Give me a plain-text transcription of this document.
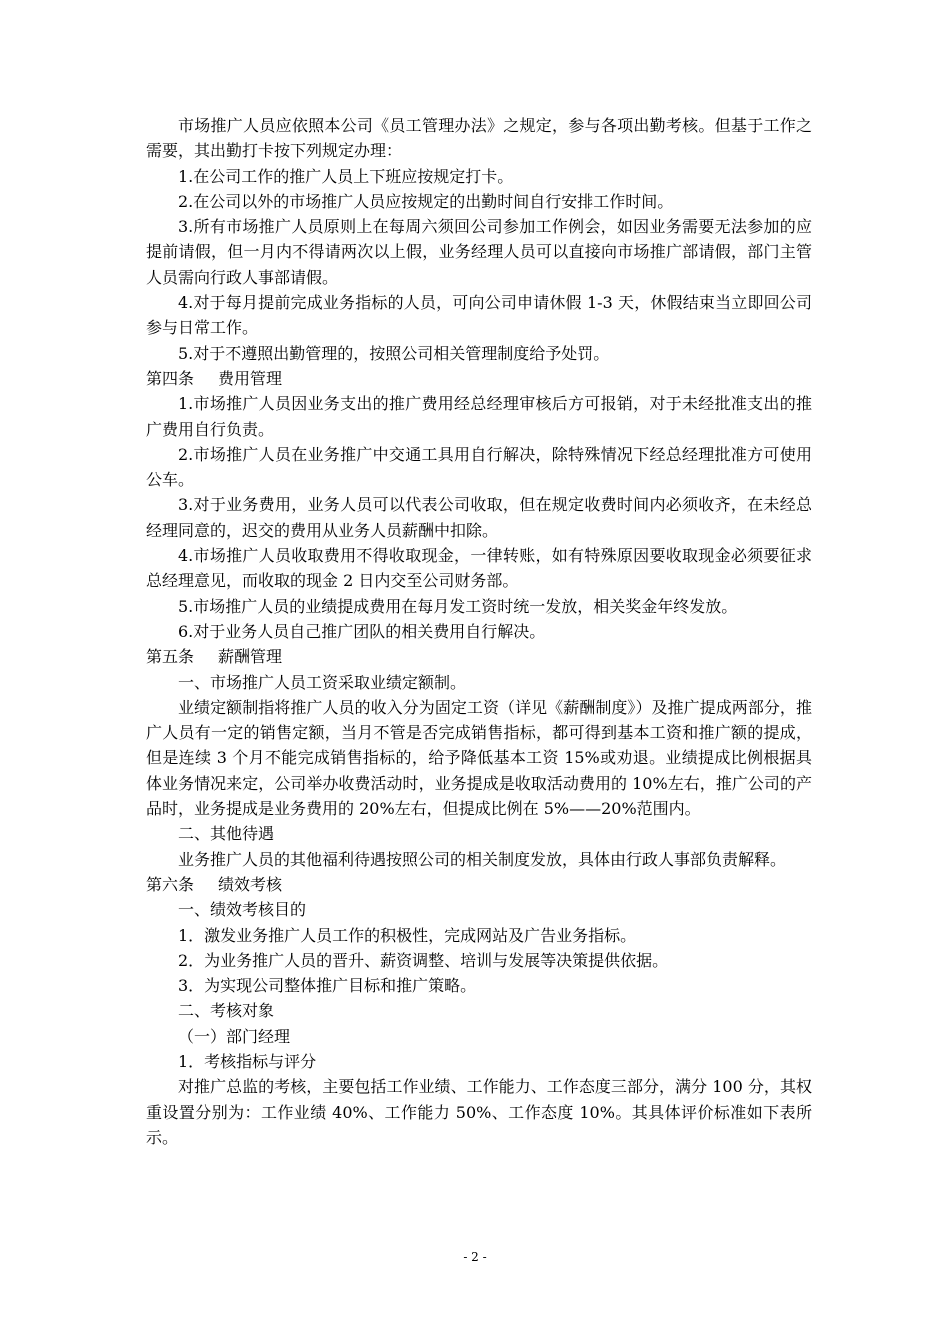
市场推广人员应依照本公司《员工管理办法》之规定，参与各项出勤考核。但基于工作之需要，其出勤打卡按下列规定办理：

1.在公司工作的推广人员上下班应按规定打卡。

2.在公司以外的市场推广人员应按规定的出勤时间自行安排工作时间。

3.所有市场推广人员原则上在每周六须回公司参加工作例会，如因业务需要无法参加的应提前请假，但一月内不得请两次以上假，业务经理人员可以直接向市场推广部请假，部门主管人员需向行政人事部请假。

4.对于每月提前完成业务指标的人员，可向公司申请休假 1-3 天，休假结束当立即回公司参与日常工作。

5.对于不遵照出勤管理的，按照公司相关管理制度给予处罚。

第四条 费用管理

1.市场推广人员因业务支出的推广费用经总经理审核后方可报销，对于未经批准支出的推广费用自行负责。

2.市场推广人员在业务推广中交通工具用自行解决，除特殊情况下经总经理批准方可使用公车。

3.对于业务费用，业务人员可以代表公司收取，但在规定收费时间内必须收齐，在未经总经理同意的，迟交的费用从业务人员薪酬中扣除。

4.市场推广人员收取费用不得收取现金，一律转账，如有特殊原因要收取现金必须要征求总经理意见，而收取的现金 2 日内交至公司财务部。

5.市场推广人员的业绩提成费用在每月发工资时统一发放，相关奖金年终发放。

6.对于业务人员自己推广团队的相关费用自行解决。

第五条 薪酬管理

一、市场推广人员工资采取业绩定额制。

业绩定额制指将推广人员的收入分为固定工资（详见《薪酬制度》）及推广提成两部分，推广人员有一定的销售定额，当月不管是否完成销售指标，都可得到基本工资和推广额的提成，但是连续 3 个月不能完成销售指标的，给予降低基本工资 15%或劝退。业绩提成比例根据具体业务情况来定，公司举办收费活动时，业务提成是收取活动费用的 10%左右，推广公司的产品时，业务提成是业务费用的 20%左右，但提成比例在 5%——20%范围内。

二、其他待遇

业务推广人员的其他福利待遇按照公司的相关制度发放，具体由行政人事部负责解释。

第六条 绩效考核

一、绩效考核目的

1．激发业务推广人员工作的积极性，完成网站及广告业务指标。

2．为业务推广人员的晋升、薪资调整、培训与发展等决策提供依据。

3．为实现公司整体推广目标和推广策略。

二、考核对象

（一）部门经理

1．考核指标与评分

对推广总监的考核，主要包括工作业绩、工作能力、工作态度三部分，满分 100 分，其权重设置分别为：工作业绩 40%、工作能力 50%、工作态度 10%。其具体评价标准如下表所示。

- 2 -
